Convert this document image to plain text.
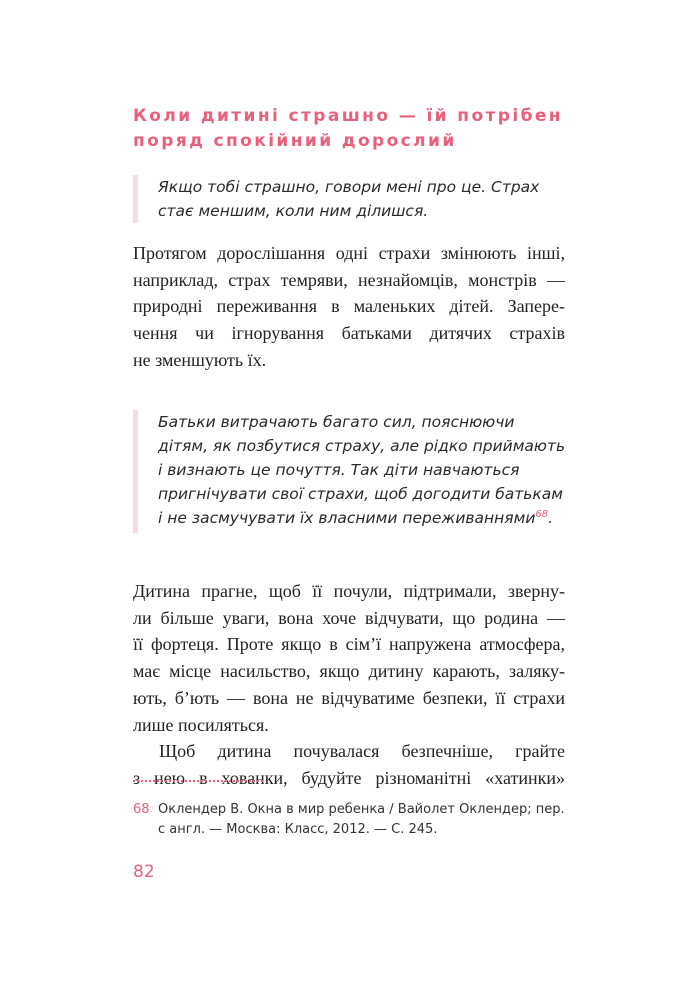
Коли дитині страшно — їй потрібен
поряд спокійний дорослий
Якщо тобі страшно, говори мені про це. Страх
стає меншим, коли ним ділишся.
Протягом дорослішання одні страхи змінюють інші,
наприклад, страх темряви, незнайомців, монстрів —
природні переживання в маленьких дітей. Запере-
чення чи ігнорування батьками дитячих страхів
не зменшують їх.
Батьки витрачають багато сил, пояснюючи
дітям, як позбутися страху, але рідко приймають
і визнають це почуття. Так діти навчаються
пригнічувати свої страхи, щоб догодити батькам
і не засмучувати їх власними переживаннями$^{68}$.
Дитина прагне, щоб її почули, підтримали, зверну-
ли більше уваги, вона хоче відчувати, що родина —
її фортеця. Проте якщо в сім’ї напружена атмосфера,
має місце насильство, якщо дитину карають, заляку-
ють, б’ють — вона не відчуватиме безпеки, її страхи
лише посиляться.
Щоб дитина почувалася безпечніше, грайте
з нею в хованки, будуйте різноманітні «хатинки»
68 Оклендер В. Окна в мир ребенка / Вайолет Оклендер; пер.
с англ. — Москва: Класс, 2012. — С. 245.
82
